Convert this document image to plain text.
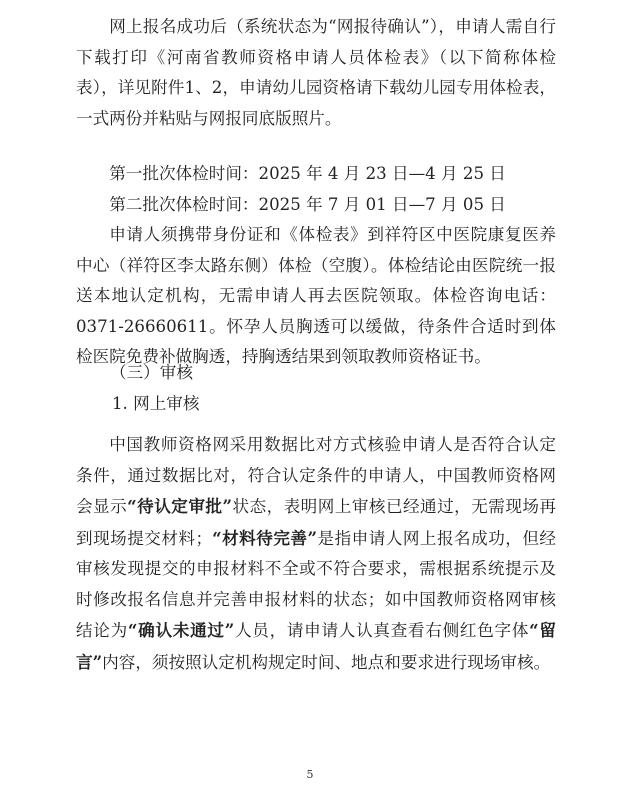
网上报名成功后（系统状态为“网报待确认”），申请人需自行下载打印《河南省教师资格申请人员体检表》（以下简称体检表），详见附件1、2，申请幼儿园资格请下载幼儿园专用体检表，一式两份并粘贴与网报同底版照片。

第一批次体检时间：2025 年 4 月 23 日—4 月 25 日

第二批次体检时间：2025 年 7 月 01 日—7 月 05 日

申请人须携带身份证和《体检表》到祥符区中医院康复医养中心（祥符区李太路东侧）体检（空腹）。体检结论由医院统一报送本地认定机构，无需申请人再去医院领取。体检咨询电话：0371-26660611。怀孕人员胸透可以缓做，待条件合适时到体检医院免费补做胸透，持胸透结果到领取教师资格证书。

（三）审核
1. 网上审核

中国教师资格网采用数据比对方式核验申请人是否符合认定条件，通过数据比对，符合认定条件的申请人，中国教师资格网会显示“待认定审批”状态，表明网上审核已经通过，无需现场再到现场提交材料；“材料待完善”是指申请人网上报名成功，但经审核发现提交的申报材料不全或不符合要求，需根据系统提示及时修改报名信息并完善申报材料的状态；如中国教师资格网审核结论为“确认未通过”人员，请申请人认真查看右侧红色字体“留言”内容，须按照认定机构规定时间、地点和要求进行现场审核。

5
